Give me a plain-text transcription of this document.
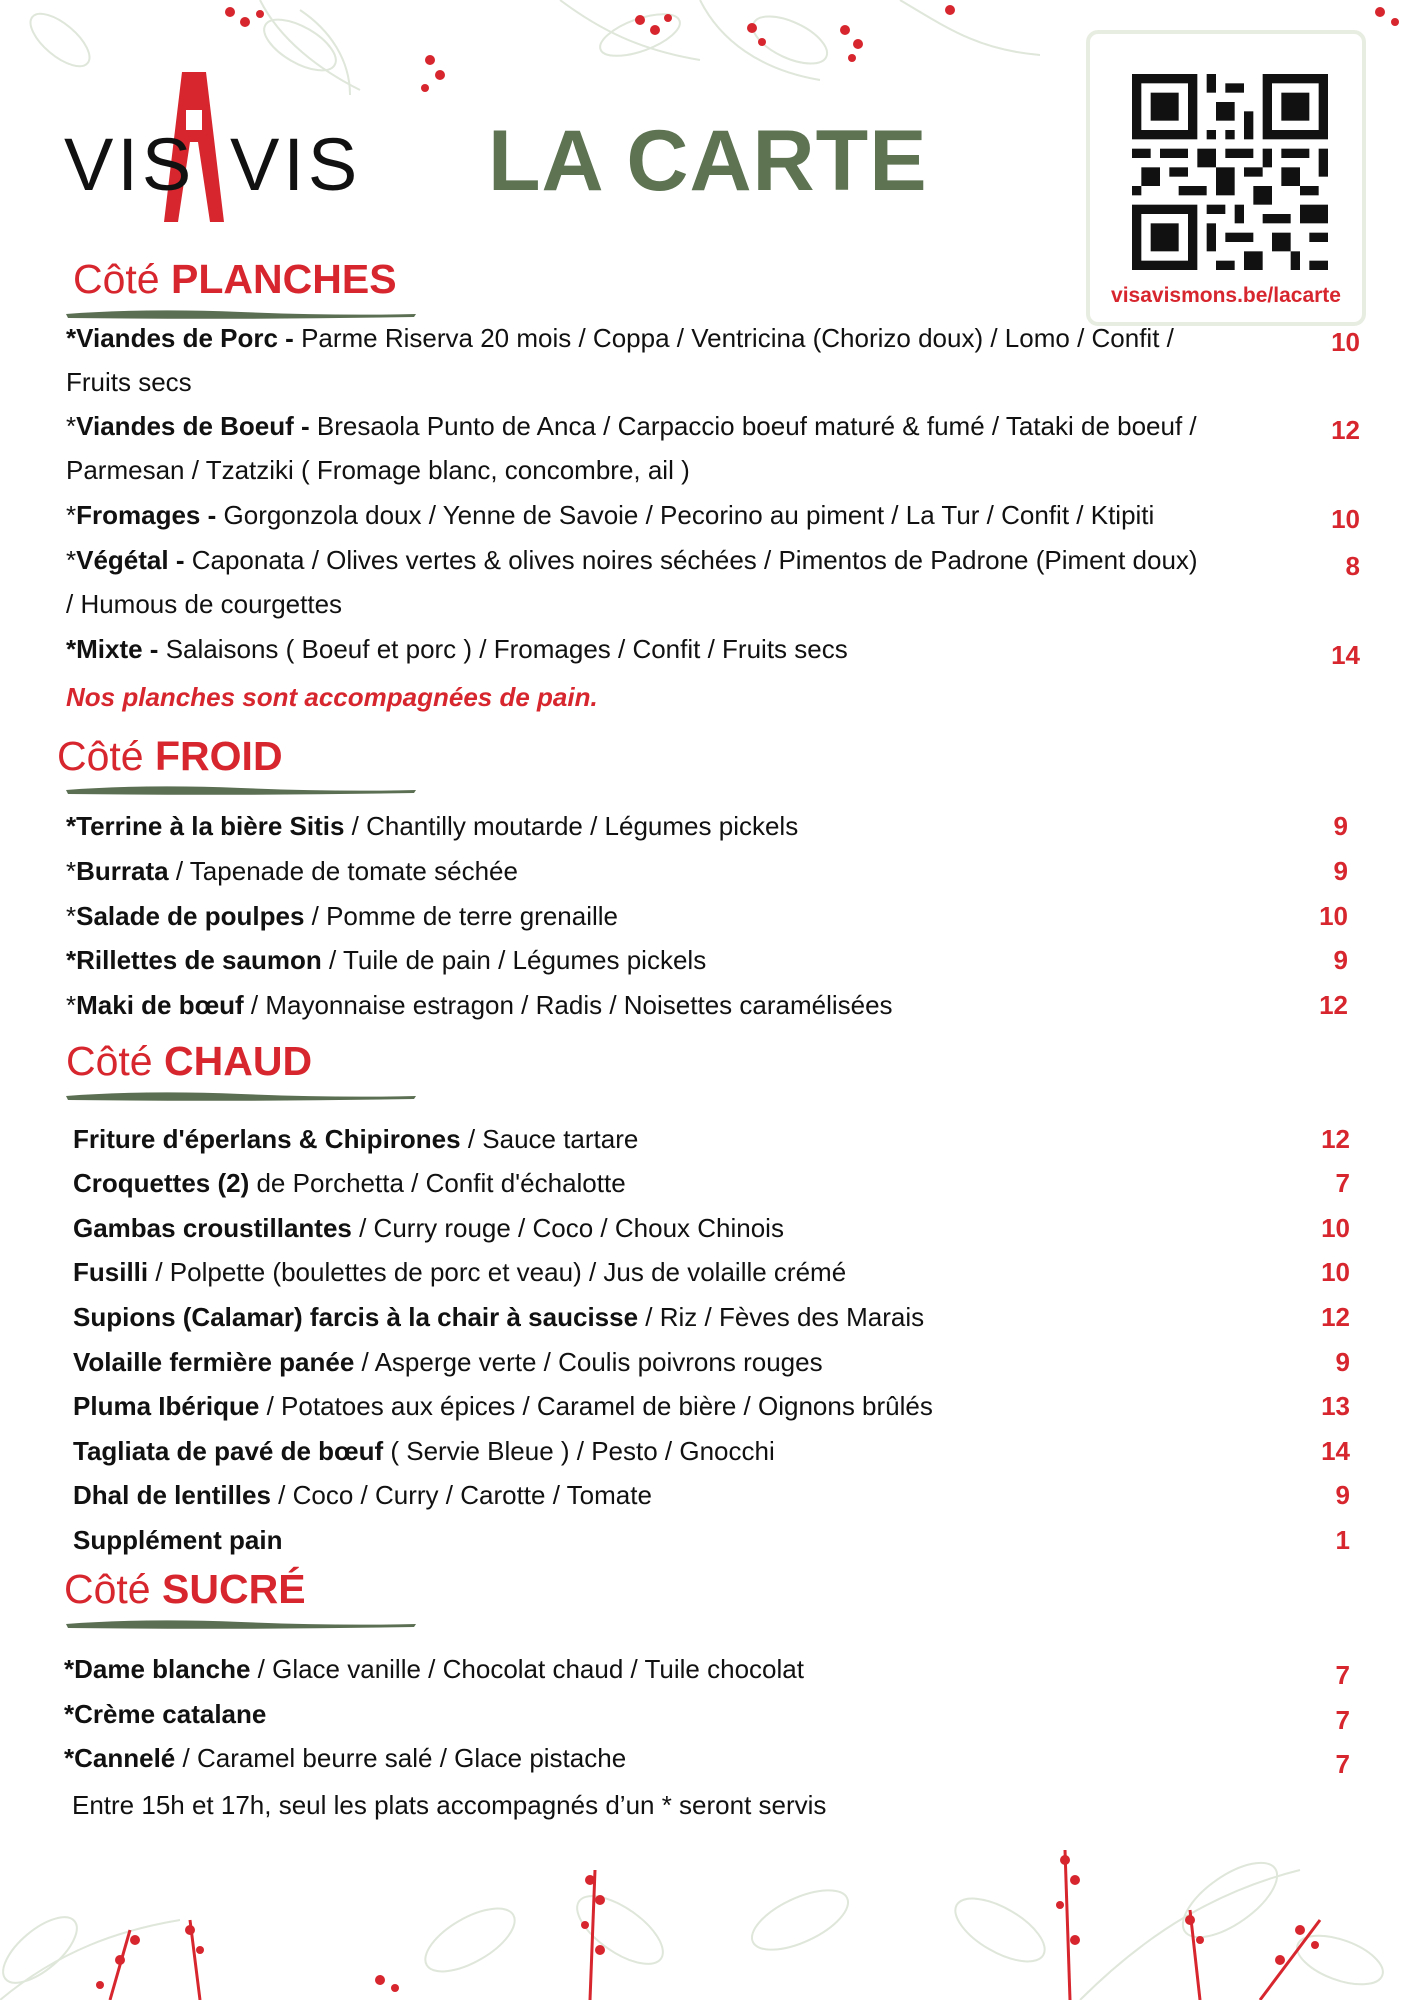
VIS VIS LA CARTE
visavismons.be/lacarte
Côté PLANCHES
*Viandes de Porc - Parme Riserva 20 mois / Coppa / Ventricina (Chorizo doux) / Lomo / Confit /
Fruits secs
10
*Viandes de Boeuf - Bresaola Punto de Anca / Carpaccio boeuf maturé & fumé / Tataki de boeuf /
Parmesan / Tzatziki ( Fromage blanc, concombre, ail )
12
*Fromages - Gorgonzola doux / Yenne de Savoie / Pecorino au piment / La Tur / Confit / Ktipiti	10
*Végétal - Caponata / Olives vertes & olives noires séchées / Pimentos de Padrone (Piment doux)
/ Humous de courgettes
8
*Mixte - Salaisons ( Boeuf et porc ) / Fromages / Confit / Fruits secs	14
Nos planches sont accompagnées de pain.
Côté FROID
*Terrine à la bière Sitis / Chantilly moutarde / Légumes pickels	9
*Burrata / Tapenade de tomate séchée	9
*Salade de poulpes / Pomme de terre grenaille	10
*Rillettes de saumon / Tuile de pain / Légumes pickels	9
*Maki de bœuf / Mayonnaise estragon / Radis / Noisettes caramélisées	12
Côté CHAUD
Friture d'éperlans & Chipirones / Sauce tartare	12
Croquettes (2) de Porchetta / Confit d'échalotte	7
Gambas croustillantes / Curry rouge / Coco / Choux Chinois	10
Fusilli / Polpette (boulettes de porc et veau) / Jus de volaille crémé	10
Supions (Calamar) farcis à la chair à saucisse / Riz / Fèves des Marais	12
Volaille fermière panée / Asperge verte / Coulis poivrons rouges	9
Pluma Ibérique / Potatoes aux épices / Caramel de bière / Oignons brûlés	13
Tagliata de pavé de bœuf ( Servie Bleue ) / Pesto / Gnocchi	14
Dhal de lentilles / Coco / Curry / Carotte / Tomate	9
Supplément pain	1
Côté SUCRÉ
*Dame blanche / Glace vanille / Chocolat chaud / Tuile chocolat	7
*Crème catalane	7
*Cannelé / Caramel beurre salé / Glace pistache	7
Entre 15h et 17h, seul les plats accompagnés d’un * seront servis
